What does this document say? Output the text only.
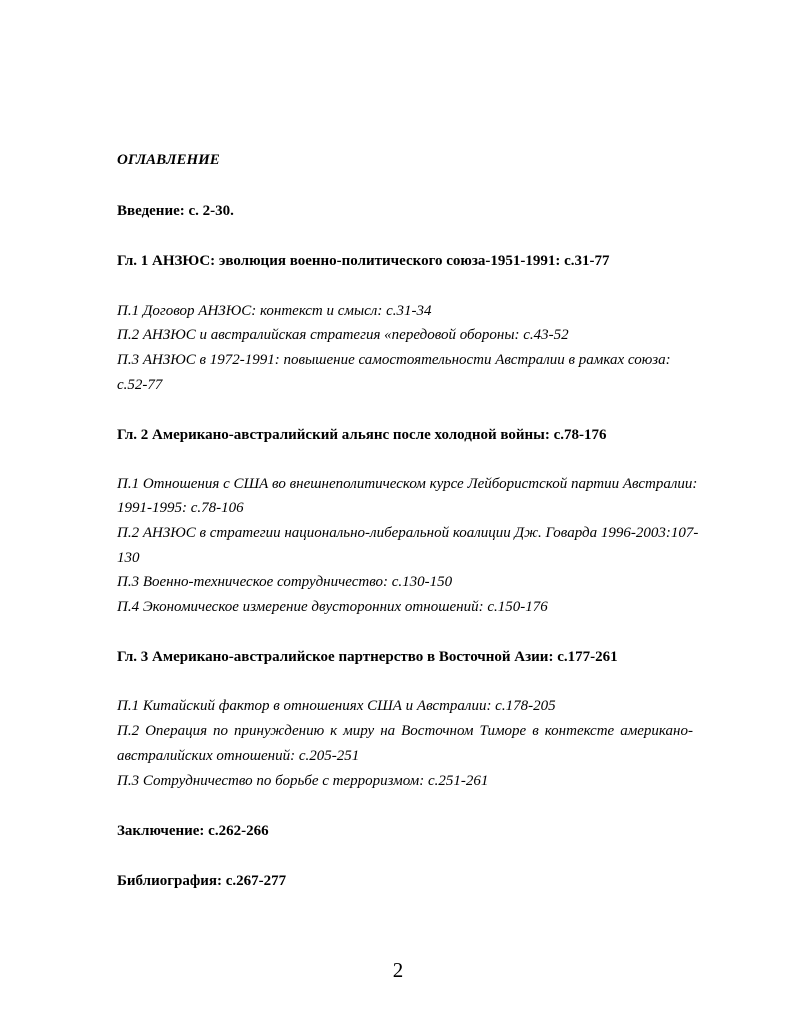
ОГЛАВЛЕНИЕ
Введение: с. 2-30.
Гл. 1 АНЗЮС: эволюция военно-политического союза-1951-1991: с.31-77
П.1 Договор АНЗЮС: контекст и смысл: с.31-34
П.2 АНЗЮС и австралийская стратегия «передовой обороны: с.43-52
П.3 АНЗЮС в 1972-1991: повышение самостоятельности Австралии в рамках союза:
с.52-77
Гл. 2 Американо-австралийский альянс после холодной войны: с.78-176
П.1 Отношения с США во внешнеполитическом курсе Лейбористской партии Австралии:
1991-1995: с.78-106
П.2 АНЗЮС в стратегии национально-либеральной коалиции Дж. Говарда 1996-2003:107-
130
П.3 Военно-техническое сотрудничество: с.130-150
П.4 Экономическое измерение двусторонних отношений: с.150-176
Гл. 3 Американо-австралийское партнерство в Восточной Азии: с.177-261
П.1 Китайский фактор в отношениях США и Австралии: с.178-205
П.2 Операция по принуждению к миру на Восточном Тиморе в контексте американо-
австралийских отношений: с.205-251
П.3 Сотрудничество по борьбе с терроризмом: с.251-261
Заключение: с.262-266
Библиография: с.267-277
2
